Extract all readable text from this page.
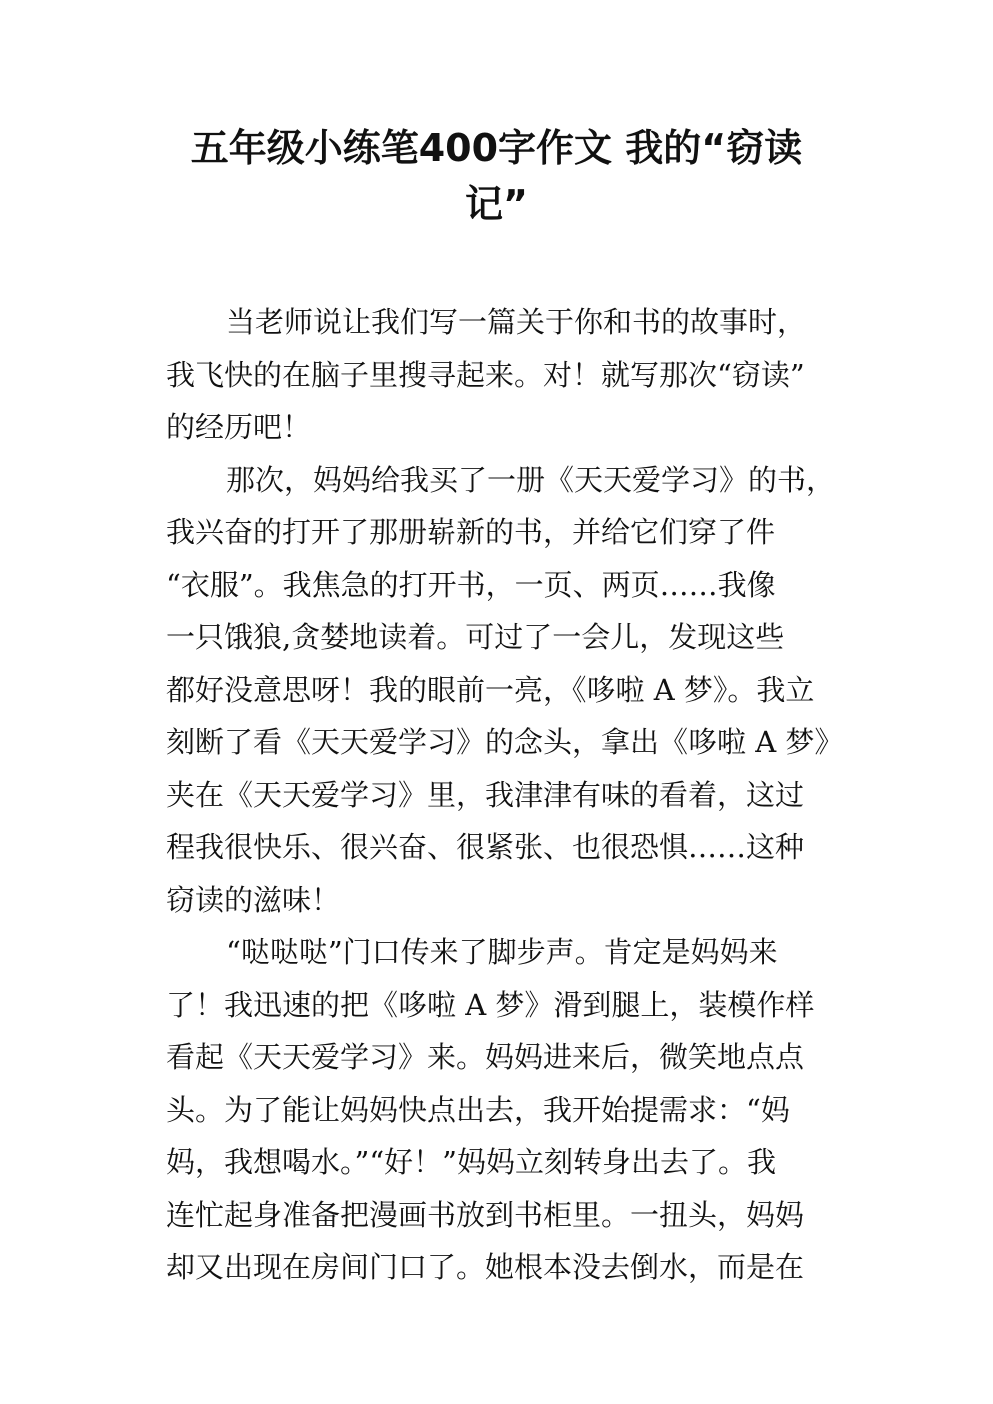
五年级小练笔400字作文 我的“窃读
记”
当老师说让我们写一篇关于你和书的故事时，
我飞快的在脑子里搜寻起来。对！就写那次“窃读”
的经历吧！
那次，妈妈给我买了一册《天天爱学习》的书，
我兴奋的打开了那册崭新的书，并给它们穿了件
“衣服”。我焦急的打开书，一页、两页……我像
一只饿狼,贪婪地读着。可过了一会儿，发现这些
都好没意思呀！我的眼前一亮，《哆啦 A 梦》。我立
刻断了看《天天爱学习》的念头，拿出《哆啦 A 梦》
夹在《天天爱学习》里，我津津有味的看着，这过
程我很快乐、很兴奋、很紧张、也很恐惧……这种
窃读的滋味！
“哒哒哒”门口传来了脚步声。肯定是妈妈来
了！我迅速的把《哆啦 A 梦》滑到腿上，装模作样
看起《天天爱学习》来。妈妈进来后，微笑地点点
头。为了能让妈妈快点出去，我开始提需求：“妈
妈，我想喝水。”“好！”妈妈立刻转身出去了。我
连忙起身准备把漫画书放到书柜里。一扭头，妈妈
却又出现在房间门口了。她根本没去倒水，而是在
